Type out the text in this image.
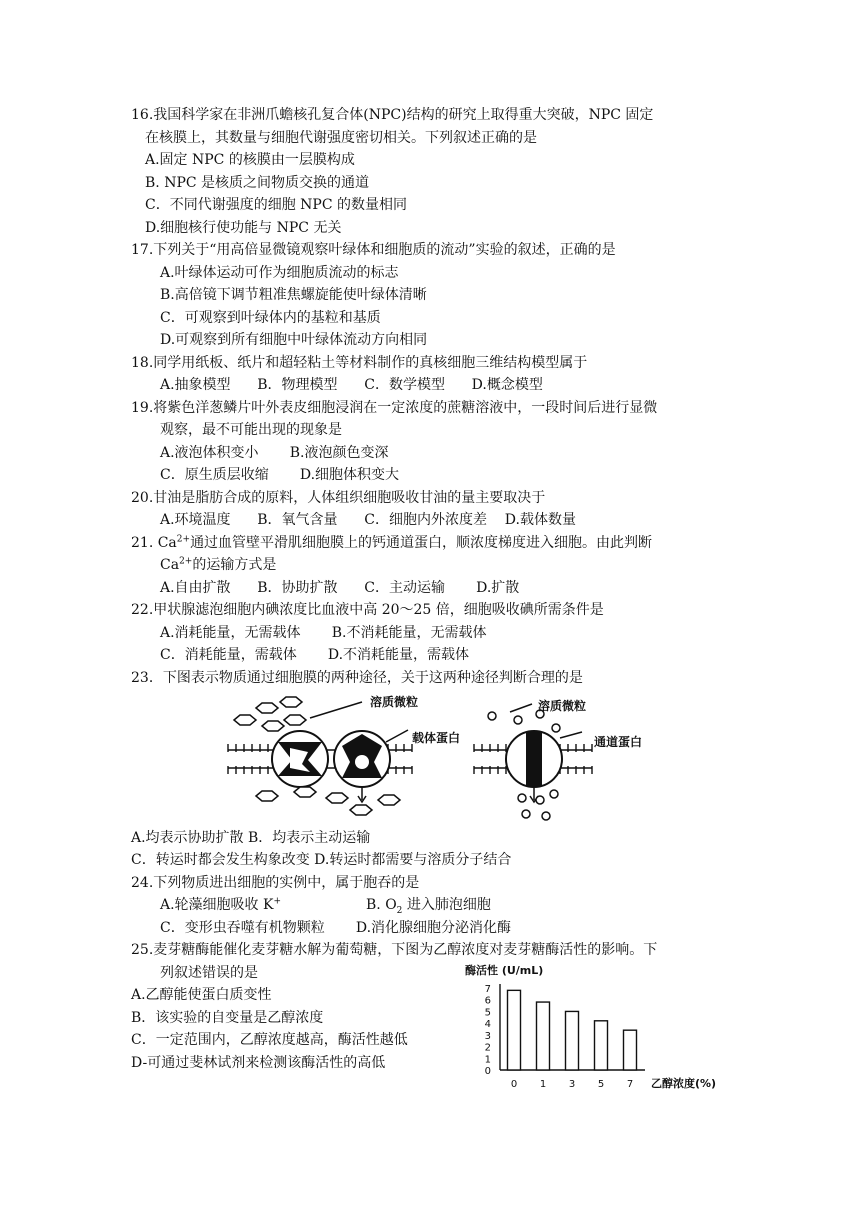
16.我国科学家在非洲爪蟾核孔复合体(NPC)结构的研究上取得重大突破，NPC 固定
在核膜上，其数量与细胞代谢强度密切相关。下列叙述正确的是
A.固定 NPC 的核膜由一层膜构成
B. NPC 是核质之间物质交换的通道
C．不同代谢强度的细胞 NPC 的数量相同
D.细胞核行使功能与 NPC 无关
17.下列关于“用高倍显微镜观察叶绿体和细胞质的流动”实验的叙述，正确的是
A.叶绿体运动可作为细胞质流动的标志
B.高倍镜下调节粗准焦螺旋能使叶绿体清晰
C．可观察到叶绿体内的基粒和基质
D.可观察到所有细胞中叶绿体流动方向相同
18.同学用纸板、纸片和超轻粘土等材料制作的真核细胞三维结构模型属于
A.抽象模型      B．物理模型      C．数学模型      D.概念模型
19.将紫色洋葱鳞片叶外表皮细胞浸润在一定浓度的蔗糖溶液中，一段时间后进行显微
观察，最不可能出现的现象是
A.液泡体积变小       B.液泡颜色变深
C．原生质层收缩       D.细胞体积变大
20.甘油是脂肪合成的原料，人体组织细胞吸收甘油的量主要取决于
A.环境温度      B．氧气含量      C．细胞内外浓度差    D.载体数量
21. $Ca^{2+}$通过血管壁平滑肌细胞膜上的钙通道蛋白，顺浓度梯度进入细胞。由此判断
$Ca^{2+}$的运输方式是
A.自由扩散      B．协助扩散      C．主动运输       D.扩散
22.甲状腺滤泡细胞内碘浓度比血液中高 20～25 倍，细胞吸收碘所需条件是
A.消耗能量，无需载体       B.不消耗能量，无需载体
C．消耗能量，需载体       D.不消耗能量，需载体
23．下图表示物质通过细胞膜的两种途径，关于这两种途径判断合理的是
溶质微粒
载体蛋白
溶质微粒
通道蛋白
A.均表示协助扩散 B．均表示主动运输
C．转运时都会发生构象改变 D.转运时都需要与溶质分子结合
24.下列物质进出细胞的实例中，属于胞吞的是
A.轮藻细胞吸收 K+	B. $O_2$ 进入肺泡细胞
C．变形虫吞噬有机物颗粒       D.消化腺细胞分泌消化酶
25.麦芽糖酶能催化麦芽糖水解为葡萄糖，下图为乙醇浓度对麦芽糖酶活性的影响。下
列叙述错误的是
A.乙醇能使蛋白质变性
B．该实验的自变量是乙醇浓度
C．一定范围内，乙醇浓度越高，酶活性越低
D-可通过斐林试剂来检测该酶活性的高低
酶活性 (U/mL)
0
1
2
3
4
5
6
7
0 1 3 5 7 乙醇浓度(%)
